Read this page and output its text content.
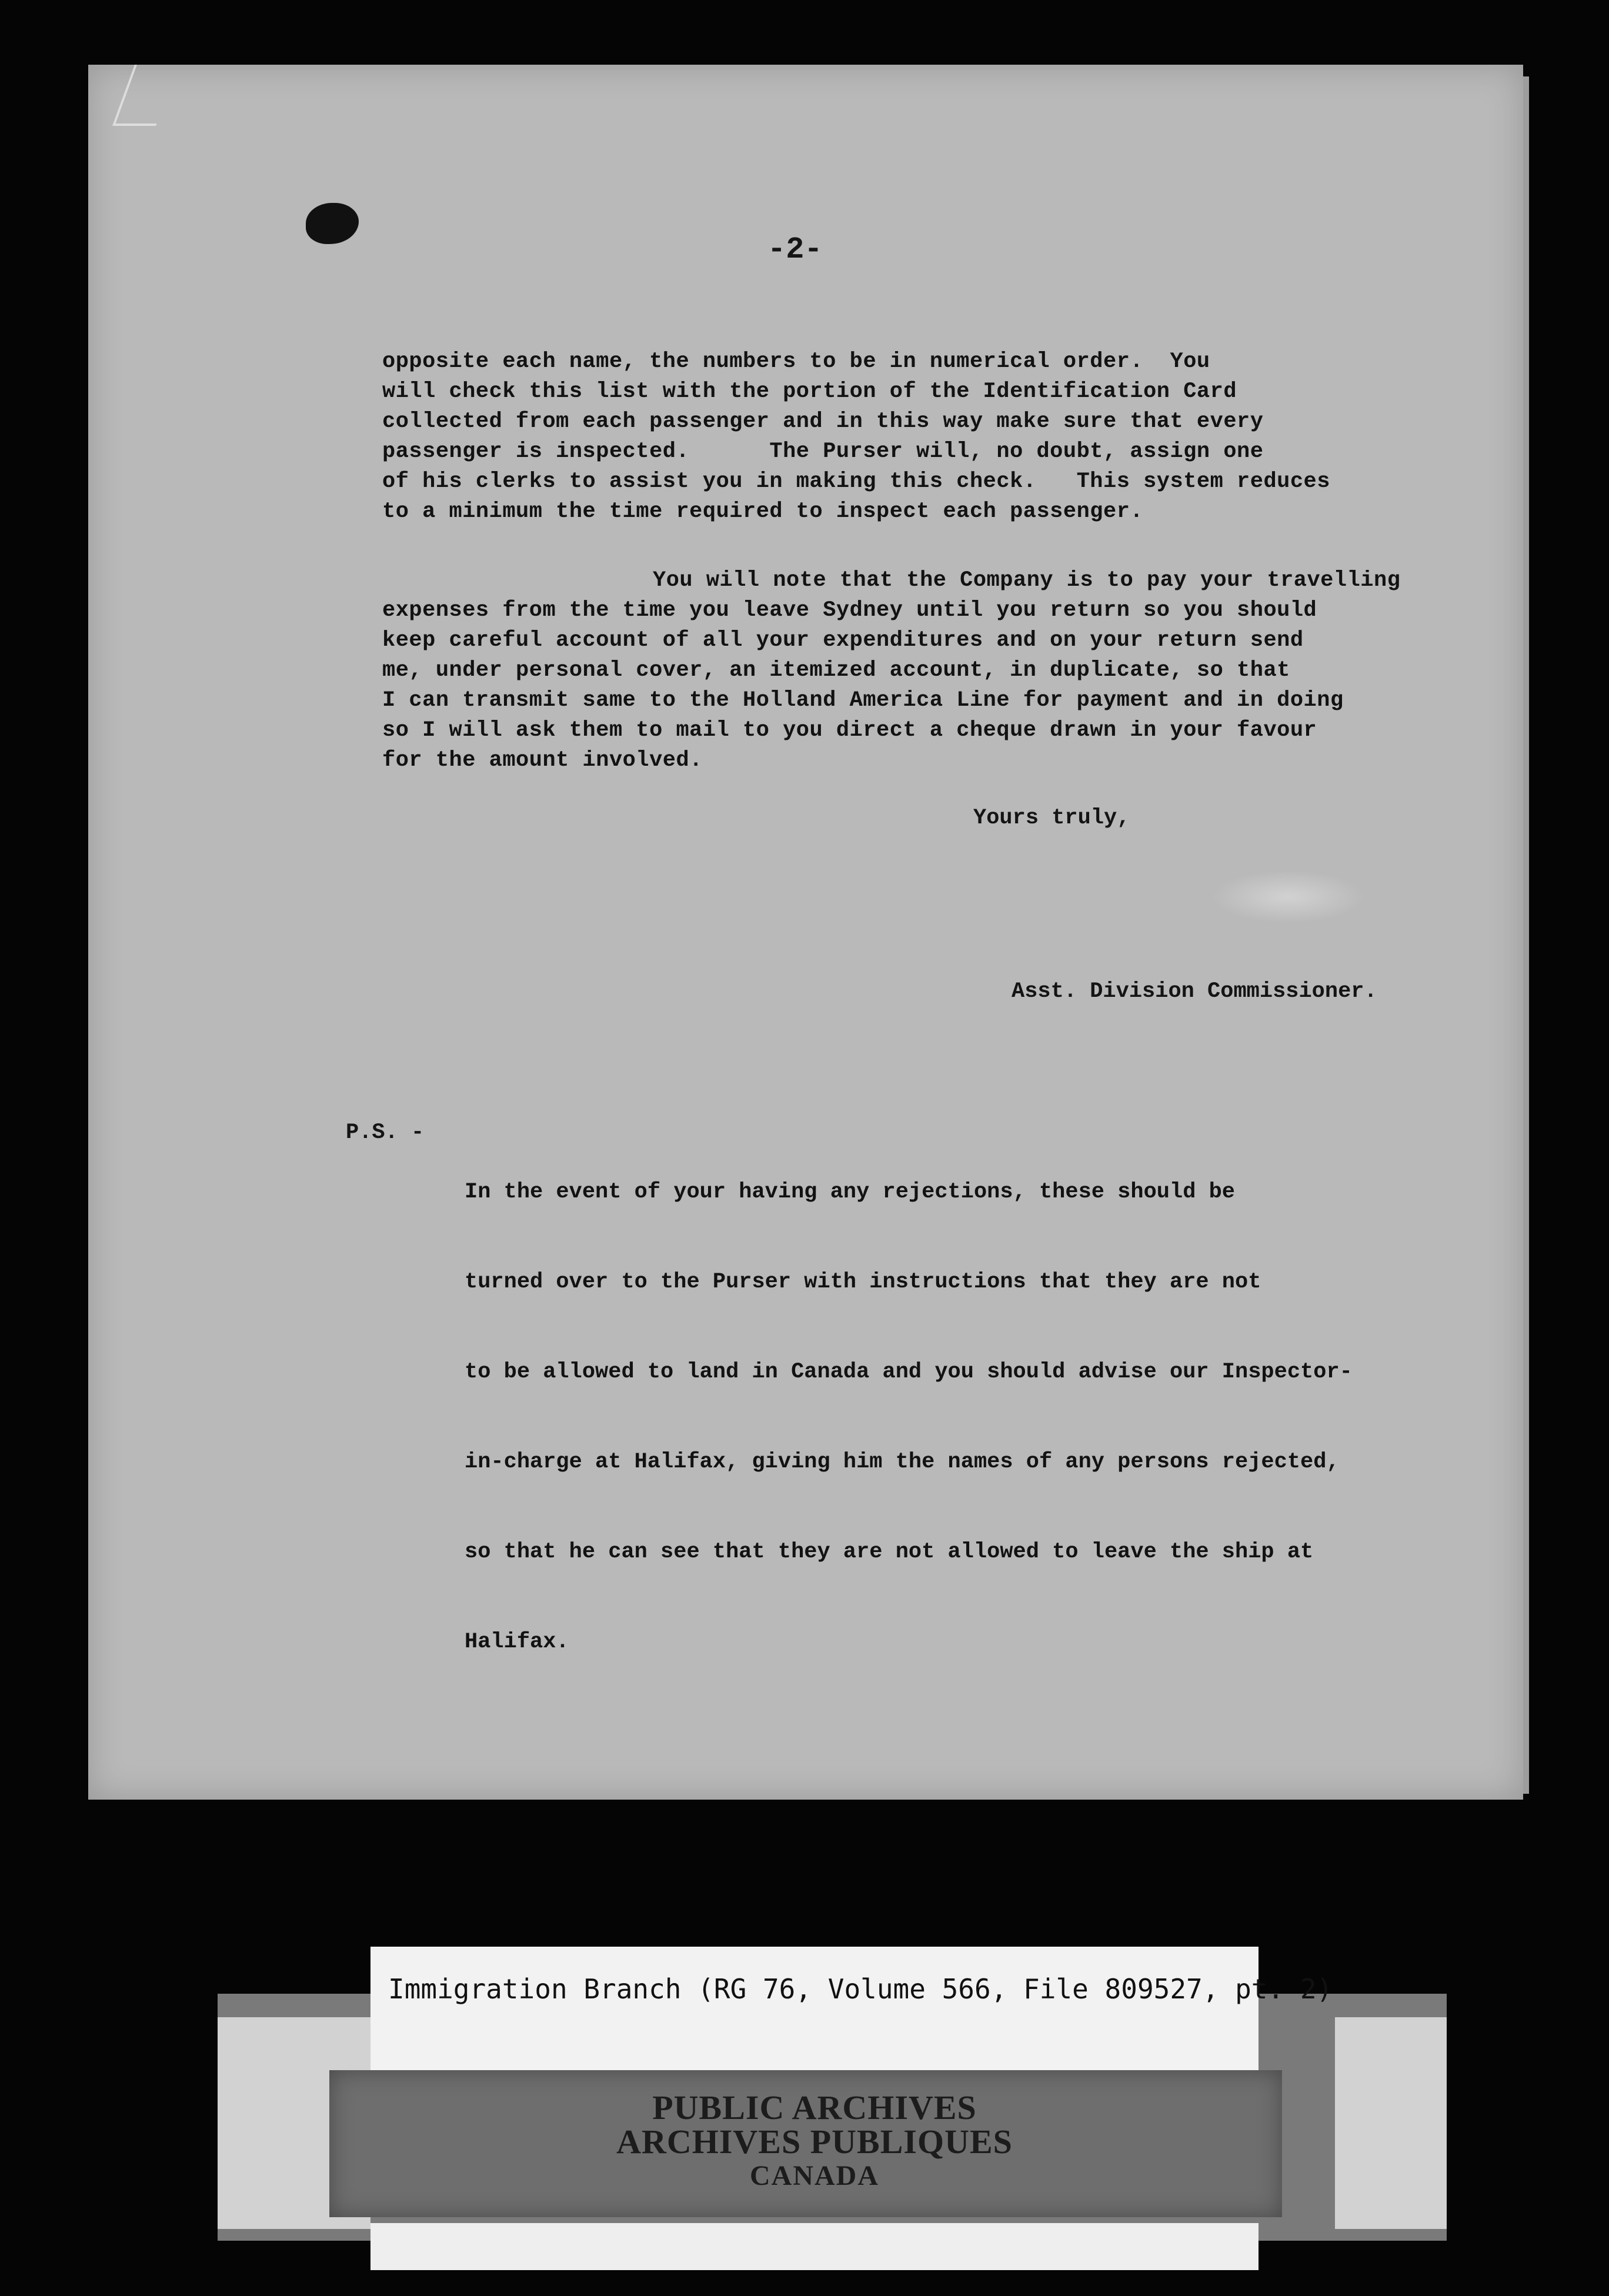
-2-

opposite each name, the numbers to be in numerical order.  You

will check this list with the portion of the Identification Card

collected from each passenger and in this way make sure that every

passenger is inspected.      The Purser will, no doubt, assign one

of his clerks to assist you in making this check.   This system reduces

to a minimum the time required to inspect each passenger.

You will note that the Company is to pay your travelling

expenses from the time you leave Sydney until you return so you should

keep careful account of all your expenditures and on your return send

me, under personal cover, an itemized account, in duplicate, so that

I can transmit same to the Holland America Line for payment and in doing

so I will ask them to mail to you direct a cheque drawn in your favour

for the amount involved.

Yours truly,
Asst. Division Commissioner.
P.S. -

In the event of your having any rejections, these should be

turned over to the Purser with instructions that they are not

to be allowed to land in Canada and you should advise our Inspector-

in-charge at Halifax, giving him the names of any persons rejected,

so that he can see that they are not allowed to leave the ship at

Halifax.

Immigration Branch (RG 76, Volume 566, File 809527, pt. 2)
PUBLIC ARCHIVES
ARCHIVES PUBLIQUES
CANADA
